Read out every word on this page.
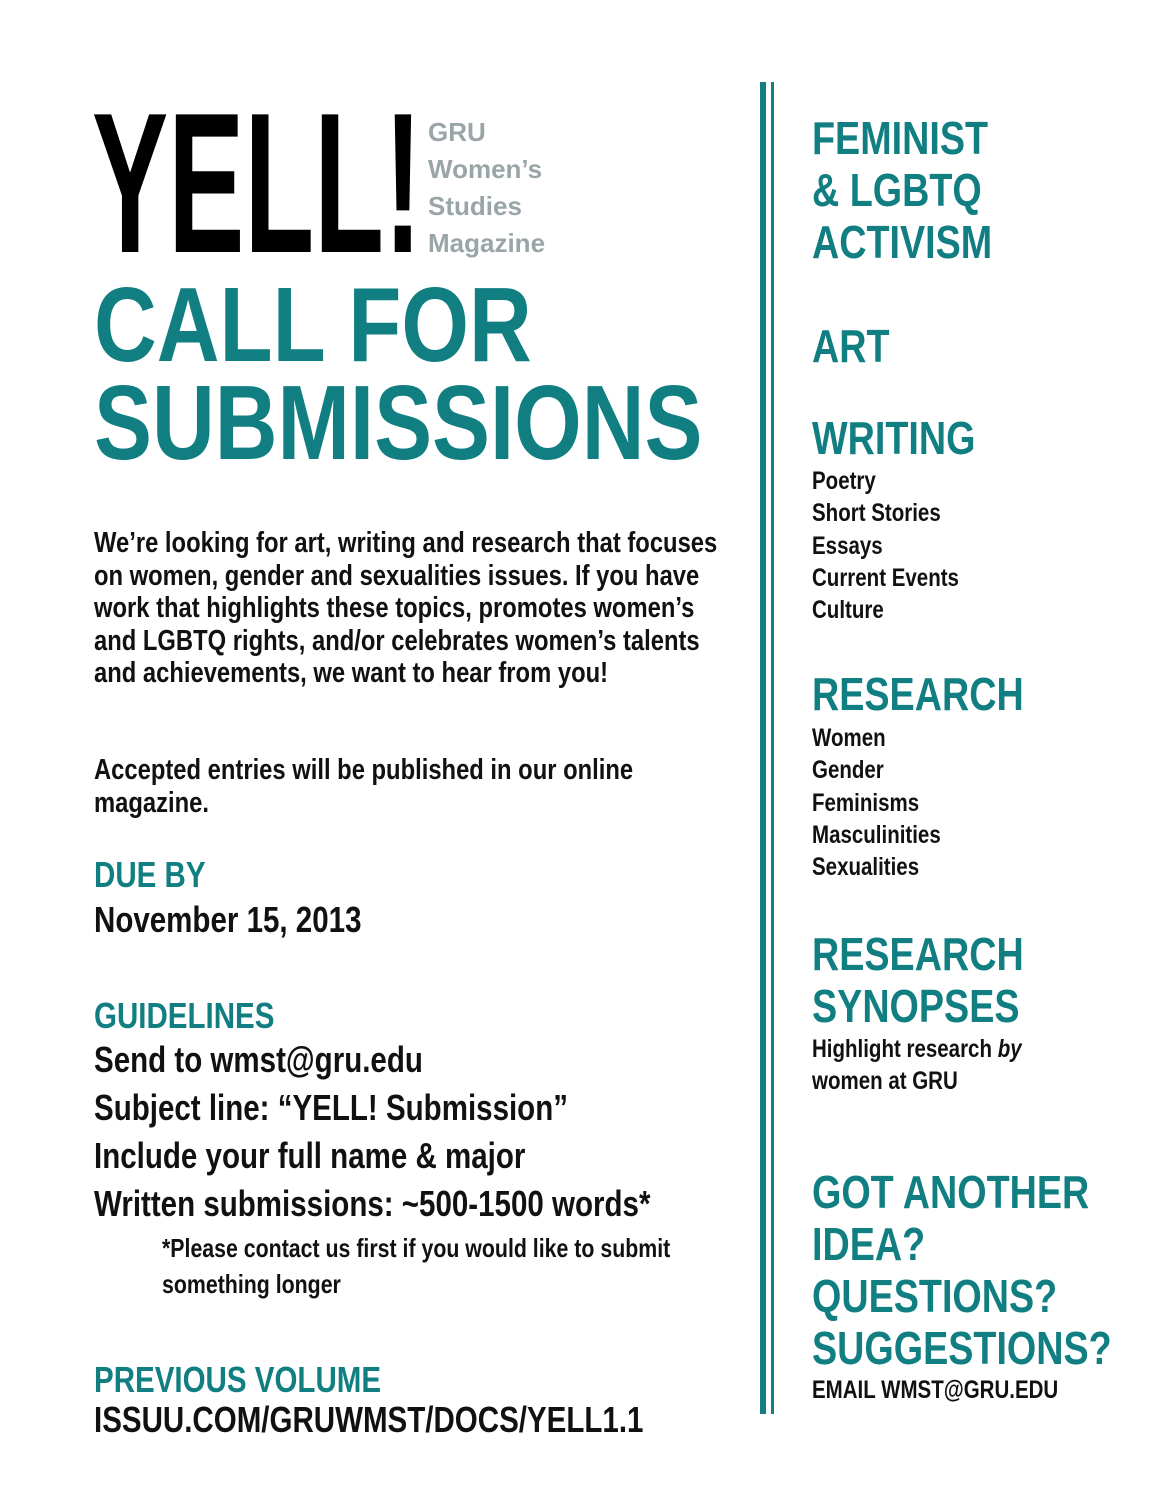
YELL! GRU
Women’s
Studies
Magazine
CALL FOR
SUBMISSIONS
We’re looking for art, writing and research that focuses on women, gender and sexualities issues. If you have work that highlights these topics, promotes women’s and LGBTQ rights, and/or celebrates women’s talents and achievements, we want to hear from you!
Accepted entries will be published in our online magazine.
DUE BY
November 15, 2013
GUIDELINES
Send to wmst@gru.edu
Subject line: “YELL! Submission”
Include your full name & major
Written submissions: ~500-1500 words*
*Please contact us first if you would like to submit something longer
PREVIOUS VOLUME
ISSUU.COM/GRUWMST/DOCS/YELL1.1
FEMINIST
& LGBTQ
ACTIVISM
ART
WRITING
Poetry
Short Stories
Essays
Current Events
Culture
RESEARCH
Women
Gender
Feminisms
Masculinities
Sexualities
RESEARCH
SYNOPSES
Highlight research by
women at GRU
GOT ANOTHER
IDEA?
QUESTIONS?
SUGGESTIONS?
EMAIL WMST@GRU.EDU
